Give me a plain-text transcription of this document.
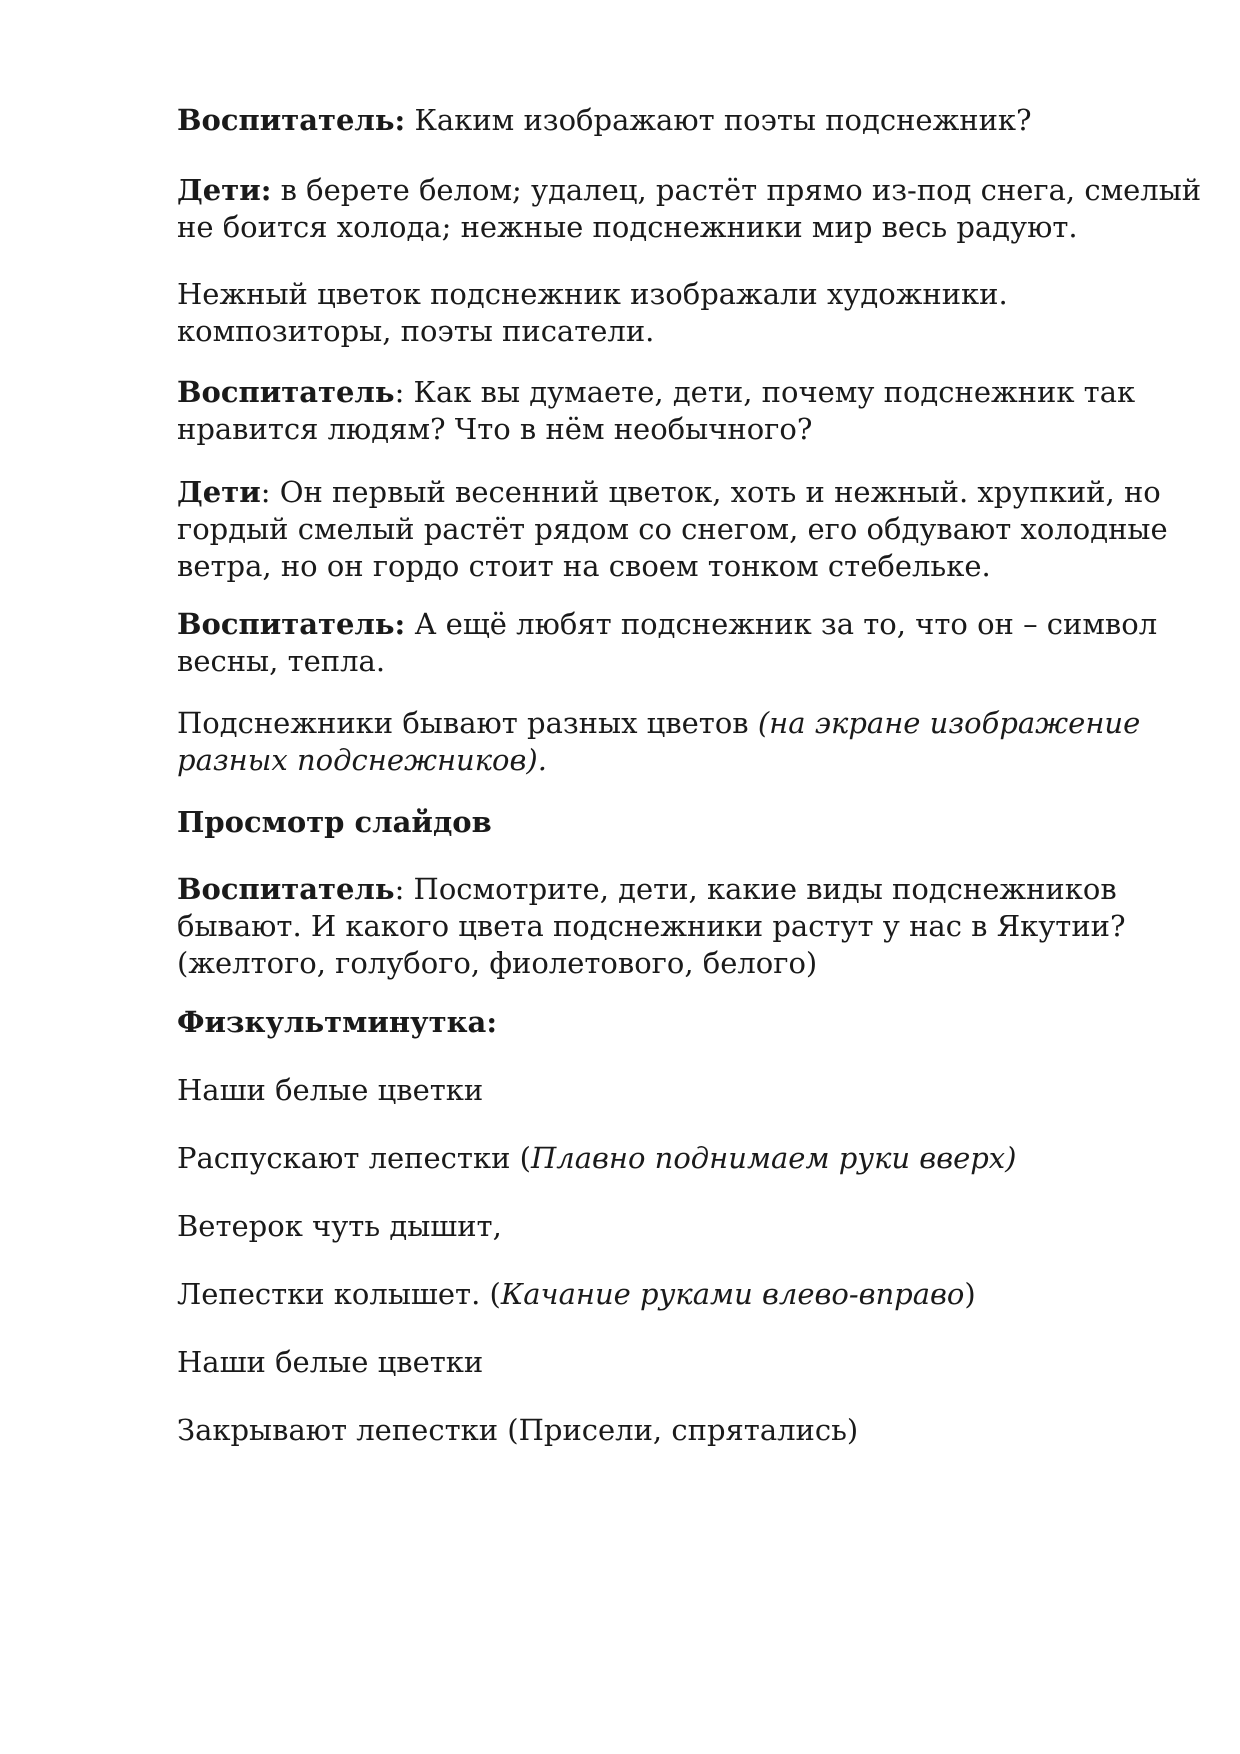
Воспитатель: Каким изображают поэты подснежник?

Дети: в берете белом; удалец, растёт прямо из-под снега, смелый
не боится холода; нежные подснежники мир весь радуют.

Нежный цветок подснежник изображали художники.
композиторы, поэты писатели.

Воспитатель: Как вы думаете, дети, почему подснежник так
нравится людям? Что в нём необычного?

Дети: Он первый весенний цветок, хоть и нежный. хрупкий, но
гордый смелый растёт рядом со снегом, его обдувают холодные
ветра, но он гордо стоит на своем тонком стебельке.

Воспитатель: А ещё любят подснежник за то, что он – символ
весны, тепла.

Подснежники бывают разных цветов (на экране изображение
разных подснежников).

Просмотр слайдов

Воспитатель: Посмотрите, дети, какие виды подснежников
бывают. И какого цвета подснежники растут у нас в Якутии?
(желтого, голубого, фиолетового, белого)

Физкультминутка:

Наши белые цветки

Распускают лепестки (Плавно поднимаем руки вверх)

Ветерок чуть дышит,

Лепестки колышет. (Качание руками влево-вправо)

Наши белые цветки

Закрывают лепестки (Присели, спрятались)
